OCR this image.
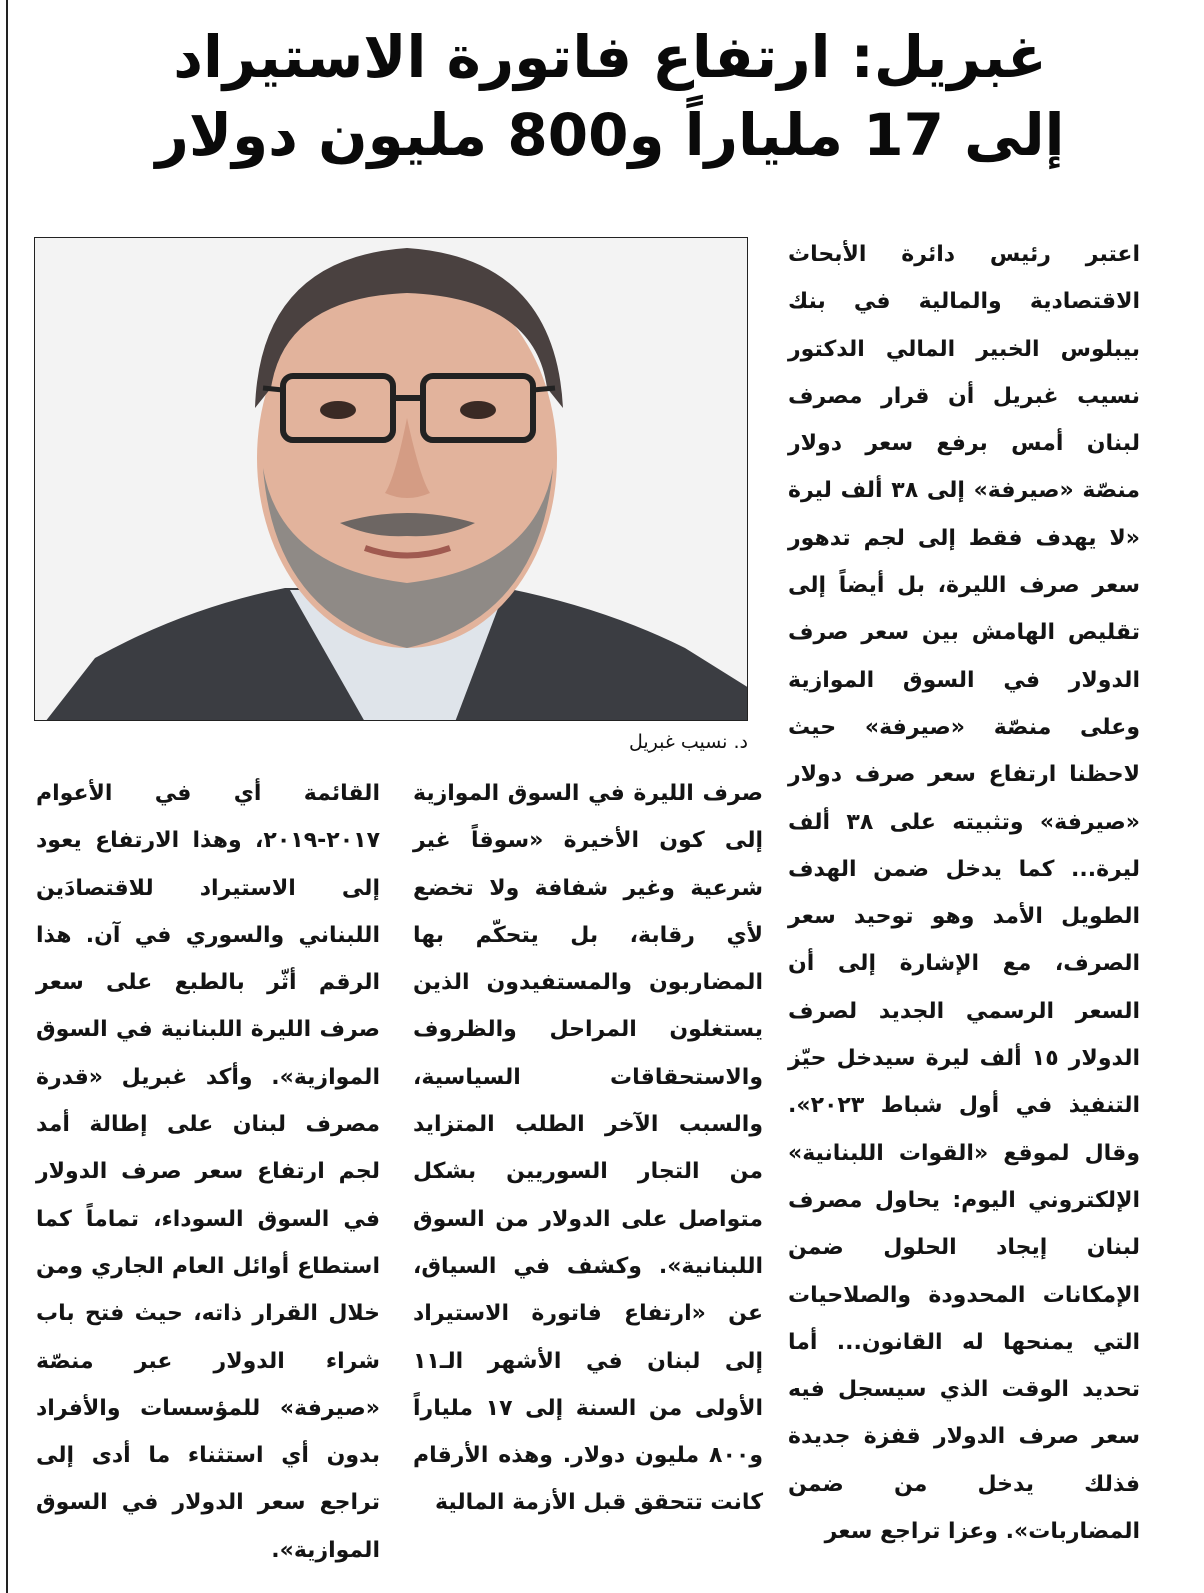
غبريل: ارتفاع فاتورة الاستيراد
إلى 17 ملياراً و800 مليون دولار
د. نسيب غبريل

اعتبر رئيس دائرة الأبحاث الاقتصادية والمالية في بنك بيبلوس الخبير المالي الدكتور نسيب غبريل أن قرار مصرف لبنان أمس برفع سعر دولار منصّة «صيرفة» إلى ٣٨ ألف ليرة «لا يهدف فقط إلى لجم تدهور سعر صرف الليرة، بل أيضاً إلى تقليص الهامش بين سعر صرف الدولار في السوق الموازية وعلى منصّة «صيرفة» حيث لاحظنا ارتفاع سعر صرف دولار «صيرفة» وتثبيته على ٣٨ ألف ليرة... كما يدخل ضمن الهدف الطويل الأمد وهو توحيد سعر الصرف، مع الإشارة إلى أن السعر الرسمي الجديد لصرف الدولار ١٥ ألف ليرة سيدخل حيّز التنفيذ في أول شباط ٢٠٢٣». وقال لموقع «القوات اللبنانية» الإلكتروني اليوم: يحاول مصرف لبنان إيجاد الحلول ضمن الإمكانات المحدودة والصلاحيات التي يمنحها له القانون... أما تحديد الوقت الذي سيسجل فيه سعر صرف الدولار قفزة جديدة فذلك يدخل من ضمن المضاربات». وعزا تراجع سعر

صرف الليرة في السوق الموازية إلى كون الأخيرة «سوقاً غير شرعية وغير شفافة ولا تخضع لأي رقابة، بل يتحكّم بها المضاربون والمستفيدون الذين يستغلون المراحل والظروف والاستحقاقات السياسية، والسبب الآخر الطلب المتزايد من التجار السوريين بشكل متواصل على الدولار من السوق اللبنانية». وكشف في السياق، عن «ارتفاع فاتورة الاستيراد إلى لبنان في الأشهر الـ١١ الأولى من السنة إلى ١٧ ملياراً و٨٠٠ مليون دولار. وهذه الأرقام كانت تتحقق قبل الأزمة المالية

القائمة أي في الأعوام ٢٠١٧-٢٠١٩، وهذا الارتفاع يعود إلى الاستيراد للاقتصادَين اللبناني والسوري في آن. هذا الرقم أثّر بالطبع على سعر صرف الليرة اللبنانية في السوق الموازية». وأكد غبريل «قدرة مصرف لبنان على إطالة أمد لجم ارتفاع سعر صرف الدولار في السوق السوداء، تماماً كما استطاع أوائل العام الجاري ومن خلال القرار ذاته، حيث فتح باب شراء الدولار عبر منصّة «صيرفة» للمؤسسات والأفراد بدون أي استثناء ما أدى إلى تراجع سعر الدولار في السوق الموازية».
